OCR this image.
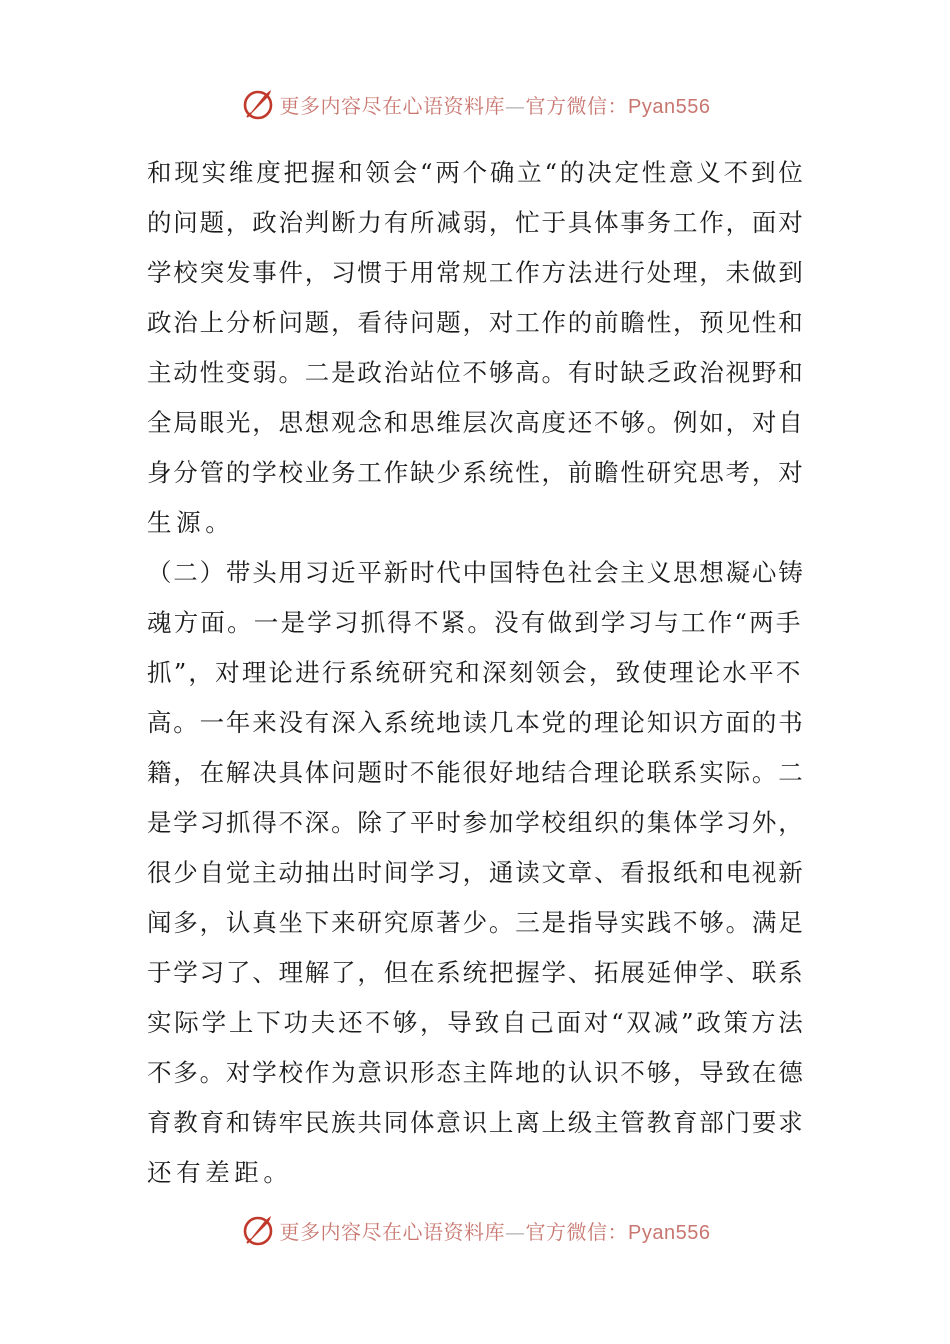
更多内容尽在心语资料库—官方微信：Pyan556
和现实维度把握和领会“两个确立“的决定性意义不到位
的问题，政治判断力有所减弱，忙于具体事务工作，面对
学校突发事件，习惯于用常规工作方法进行处理，未做到
政治上分析问题，看待问题，对工作的前瞻性，预见性和
主动性变弱。二是政治站位不够高。有时缺乏政治视野和
全局眼光，思想观念和思维层次高度还不够。例如，对自
身分管的学校业务工作缺少系统性，前瞻性研究思考，对
生源。
（二）带头用习近平新时代中国特色社会主义思想凝心铸
魂方面。一是学习抓得不紧。没有做到学习与工作“两手
抓”，对理论进行系统研究和深刻领会，致使理论水平不
高。一年来没有深入系统地读几本党的理论知识方面的书
籍，在解决具体问题时不能很好地结合理论联系实际。二
是学习抓得不深。除了平时参加学校组织的集体学习外，
很少自觉主动抽出时间学习，通读文章、看报纸和电视新
闻多，认真坐下来研究原著少。三是指导实践不够。满足
于学习了、理解了，但在系统把握学、拓展延伸学、联系
实际学上下功夫还不够，导致自己面对“双减”政策方法
不多。对学校作为意识形态主阵地的认识不够，导致在德
育教育和铸牢民族共同体意识上离上级主管教育部门要求
还有差距。
更多内容尽在心语资料库—官方微信：Pyan556
